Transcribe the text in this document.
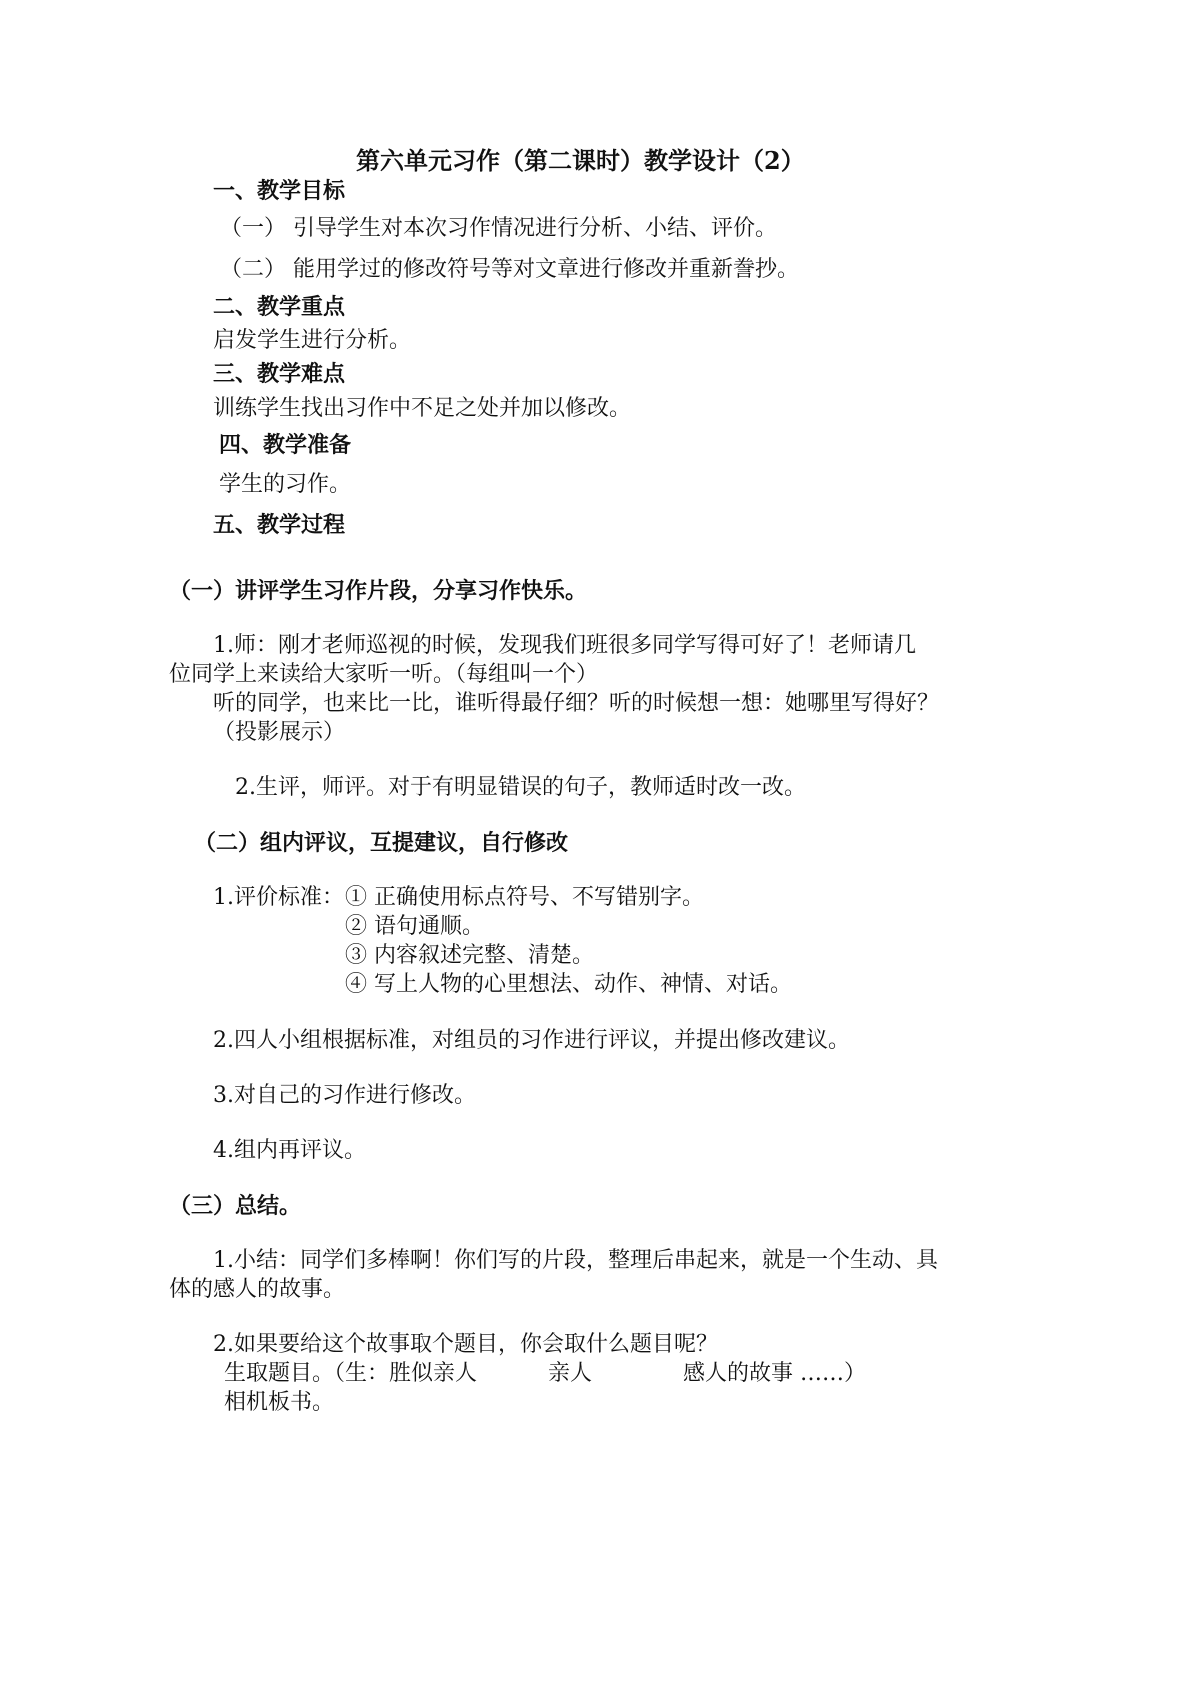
第六单元习作（第二课时）教学设计（2）
一、教学目标
（一） 引导学生对本次习作情况进行分析、小结、评价。
（二） 能用学过的修改符号等对文章进行修改并重新誊抄。
二、教学重点
启发学生进行分析。
三、教学难点
训练学生找出习作中不足之处并加以修改。
四、教学准备
学生的习作。
五、教学过程
（一）讲评学生习作片段，分享习作快乐。
1.师：刚才老师巡视的时候，发现我们班很多同学写得可好了！老师请几
位同学上来读给大家听一听。（每组叫一个）
听的同学，也来比一比，谁听得最仔细？听的时候想一想：她哪里写得好？
（投影展示）
2.生评，师评。对于有明显错误的句子，教师适时改一改。
（二）组内评议，互提建议，自行修改
1.评价标准： ① 正确使用标点符号、不写错别字。
② 语句通顺。
③ 内容叙述完整、清楚。
④ 写上人物的心里想法、动作、神情、对话。
2.四人小组根据标准，对组员的习作进行评议，并提出修改建议。
3.对自己的习作进行修改。
4.组内再评议。
（三）总结。
1.小结：同学们多棒啊！你们写的片段，整理后串起来，就是一个生动、具
体的感人的故事。
2.如果要给这个故事取个题目，你会取什么题目呢？
生取题目。（生：胜似亲人	亲人	感人的故事 ……）
相机板书。
